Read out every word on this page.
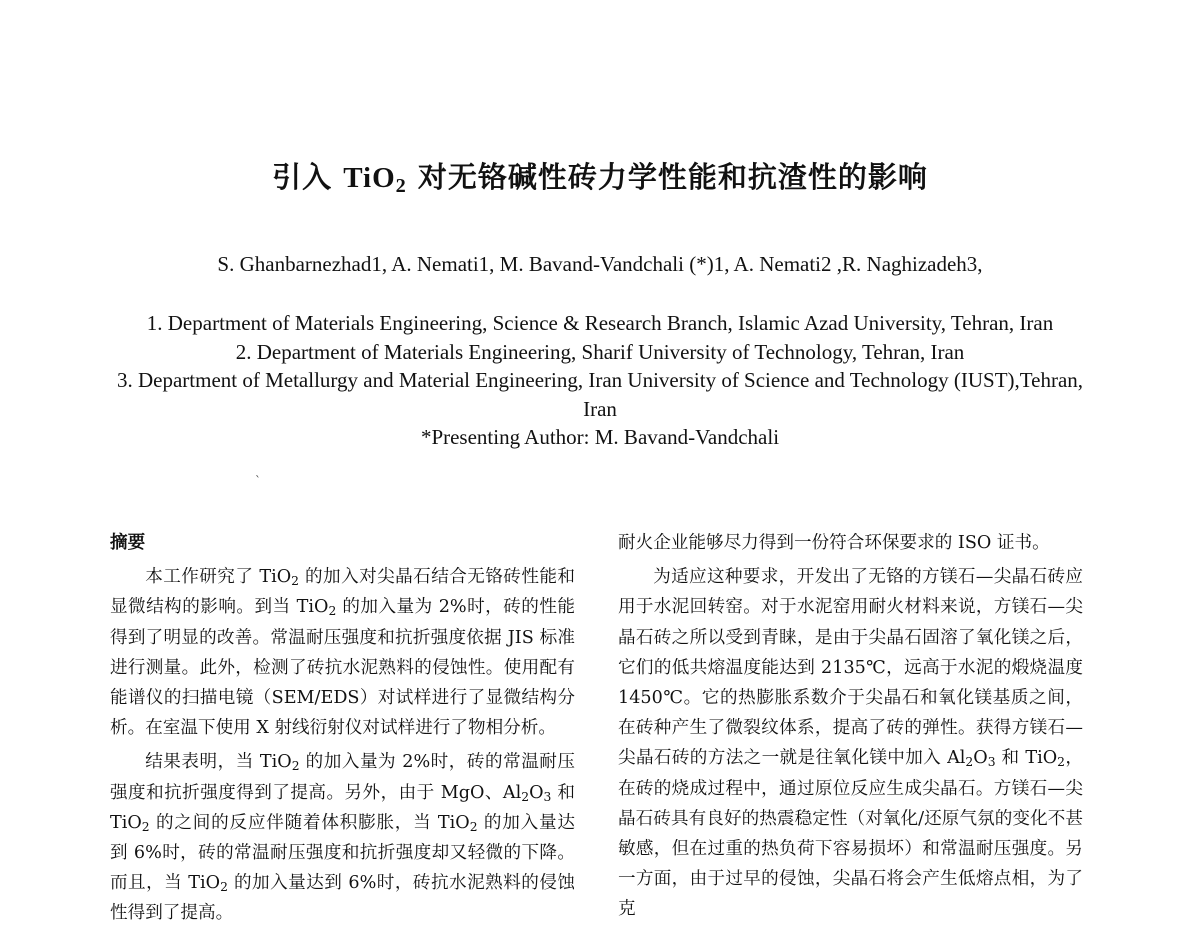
引入 TiO$_2$ 对无铬碱性砖力学性能和抗渣性的影响
S. Ghanbarnezhad1, A. Nemati1, M. Bavand-Vandchali (*)1, A. Nemati2 ,R. Naghizadeh3,
1. Department of Materials Engineering, Science & Research Branch, Islamic Azad University, Tehran, Iran
2. Department of Materials Engineering, Sharif University of Technology, Tehran, Iran
3. Department of Metallurgy and Material Engineering, Iran University of Science and Technology (IUST),Tehran, Iran
*Presenting Author: M. Bavand-Vandchali
`

摘要

本工作研究了 TiO$_2$ 的加入对尖晶石结合无铬砖性能和显微结构的影响。到当 TiO$_2$ 的加入量为 2%时，砖的性能得到了明显的改善。常温耐压强度和抗折强度依据 JIS 标准进行测量。此外，检测了砖抗水泥熟料的侵蚀性。使用配有能谱仪的扫描电镜（SEM/EDS）对试样进行了显微结构分析。在室温下使用 X 射线衍射仪对试样进行了物相分析。

结果表明，当 TiO$_2$ 的加入量为 2%时，砖的常温耐压强度和抗折强度得到了提高。另外，由于 MgO、$Al_2O_3$ 和 TiO$_2$ 的之间的反应伴随着体积膨胀，当 TiO$_2$ 的加入量达到 6%时，砖的常温耐压强度和抗折强度却又轻微的下降。而且，当 TiO$_2$ 的加入量达到 6%时，砖抗水泥熟料的侵蚀性得到了提高。

耐火企业能够尽力得到一份符合环保要求的 ISO 证书。

为适应这种要求，开发出了无铬的方镁石—尖晶石砖应用于水泥回转窑。对于水泥窑用耐火材料来说，方镁石—尖晶石砖之所以受到青睐，是由于尖晶石固溶了氧化镁之后，它们的低共熔温度能达到 2135℃，远高于水泥的煅烧温度 1450℃。它的热膨胀系数介于尖晶石和氧化镁基质之间，在砖种产生了微裂纹体系，提高了砖的弹性。获得方镁石—尖晶石砖的方法之一就是往氧化镁中加入 $Al_2O_3$ 和 TiO$_2$，在砖的烧成过程中，通过原位反应生成尖晶石。方镁石—尖晶石砖具有良好的热震稳定性（对氧化/还原气氛的变化不甚敏感，但在过重的热负荷下容易损坏）和常温耐压强度。另一方面，由于过早的侵蚀，尖晶石将会产生低熔点相，为了克
